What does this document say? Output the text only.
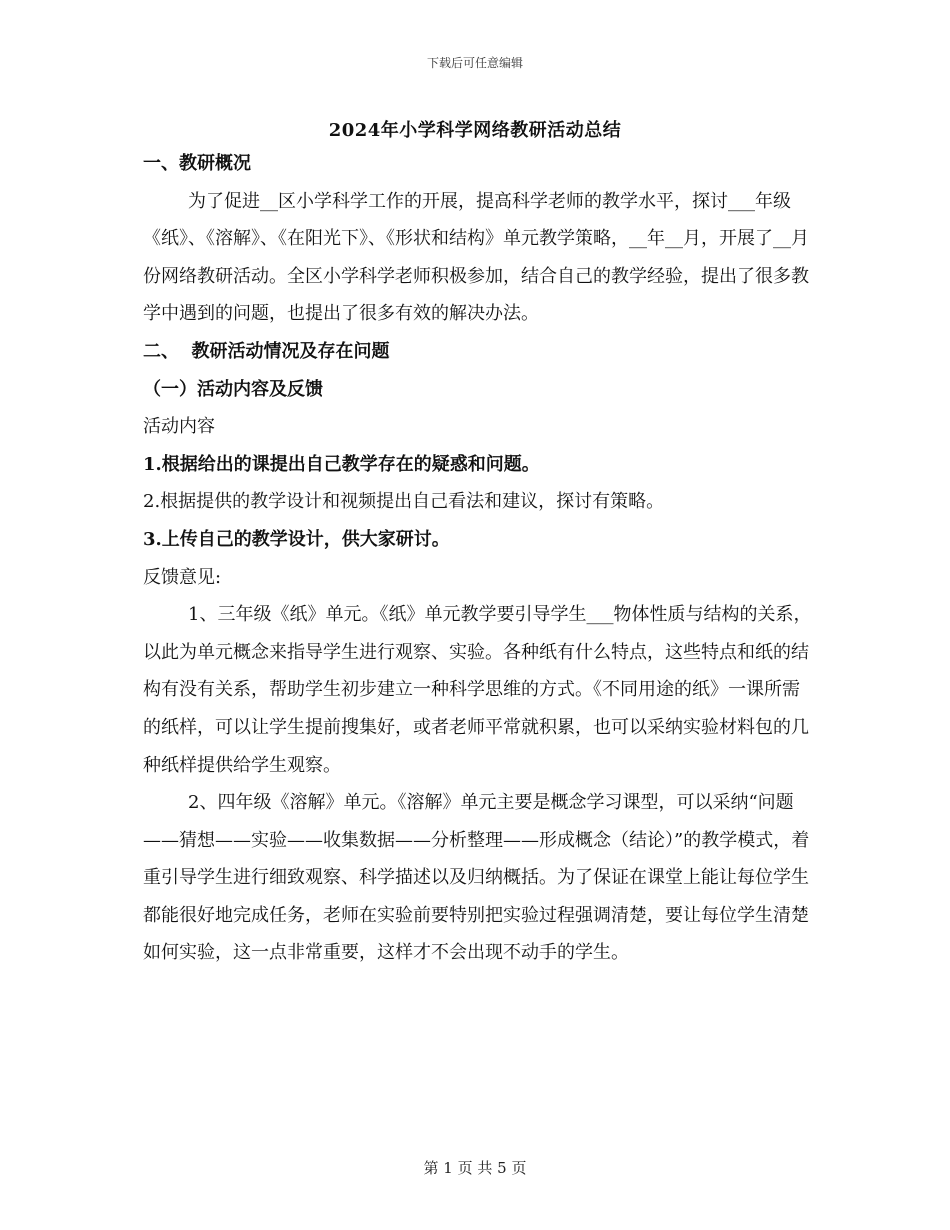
下载后可任意编辑
2024年小学科学网络教研活动总结

一、教研概况

为了促进__区小学科学工作的开展，提高科学老师的教学水平，探讨___年级《纸》、《溶解》、《在阳光下》、《形状和结构》单元教学策略，__年__月，开展了__月份网络教研活动。全区小学科学老师积极参加，结合自己的教学经验，提出了很多教学中遇到的问题，也提出了很多有效的解决办法。

二、  教研活动情况及存在问题

（一）活动内容及反馈

活动内容

1.根据给出的课提出自己教学存在的疑惑和问题。

2.根据提供的教学设计和视频提出自己看法和建议，探讨有策略。

3.上传自己的教学设计，供大家研讨。

反馈意见:

1、三年级《纸》单元。《纸》单元教学要引导学生___物体性质与结构的关系，以此为单元概念来指导学生进行观察、实验。各种纸有什么特点，这些特点和纸的结构有没有关系，帮助学生初步建立一种科学思维的方式。《不同用途的纸》一课所需的纸样，可以让学生提前搜集好，或者老师平常就积累，也可以采纳实验材料包的几种纸样提供给学生观察。

2、四年级《溶解》单元。《溶解》单元主要是概念学习课型，可以采纳“问题——猜想——实验——收集数据——分析整理——形成概念（结论）”的教学模式，着重引导学生进行细致观察、科学描述以及归纳概括。为了保证在课堂上能让每位学生都能很好地完成任务，老师在实验前要特别把实验过程强调清楚，要让每位学生清楚如何实验，这一点非常重要，这样才不会出现不动手的学生。

第 1 页 共 5 页
